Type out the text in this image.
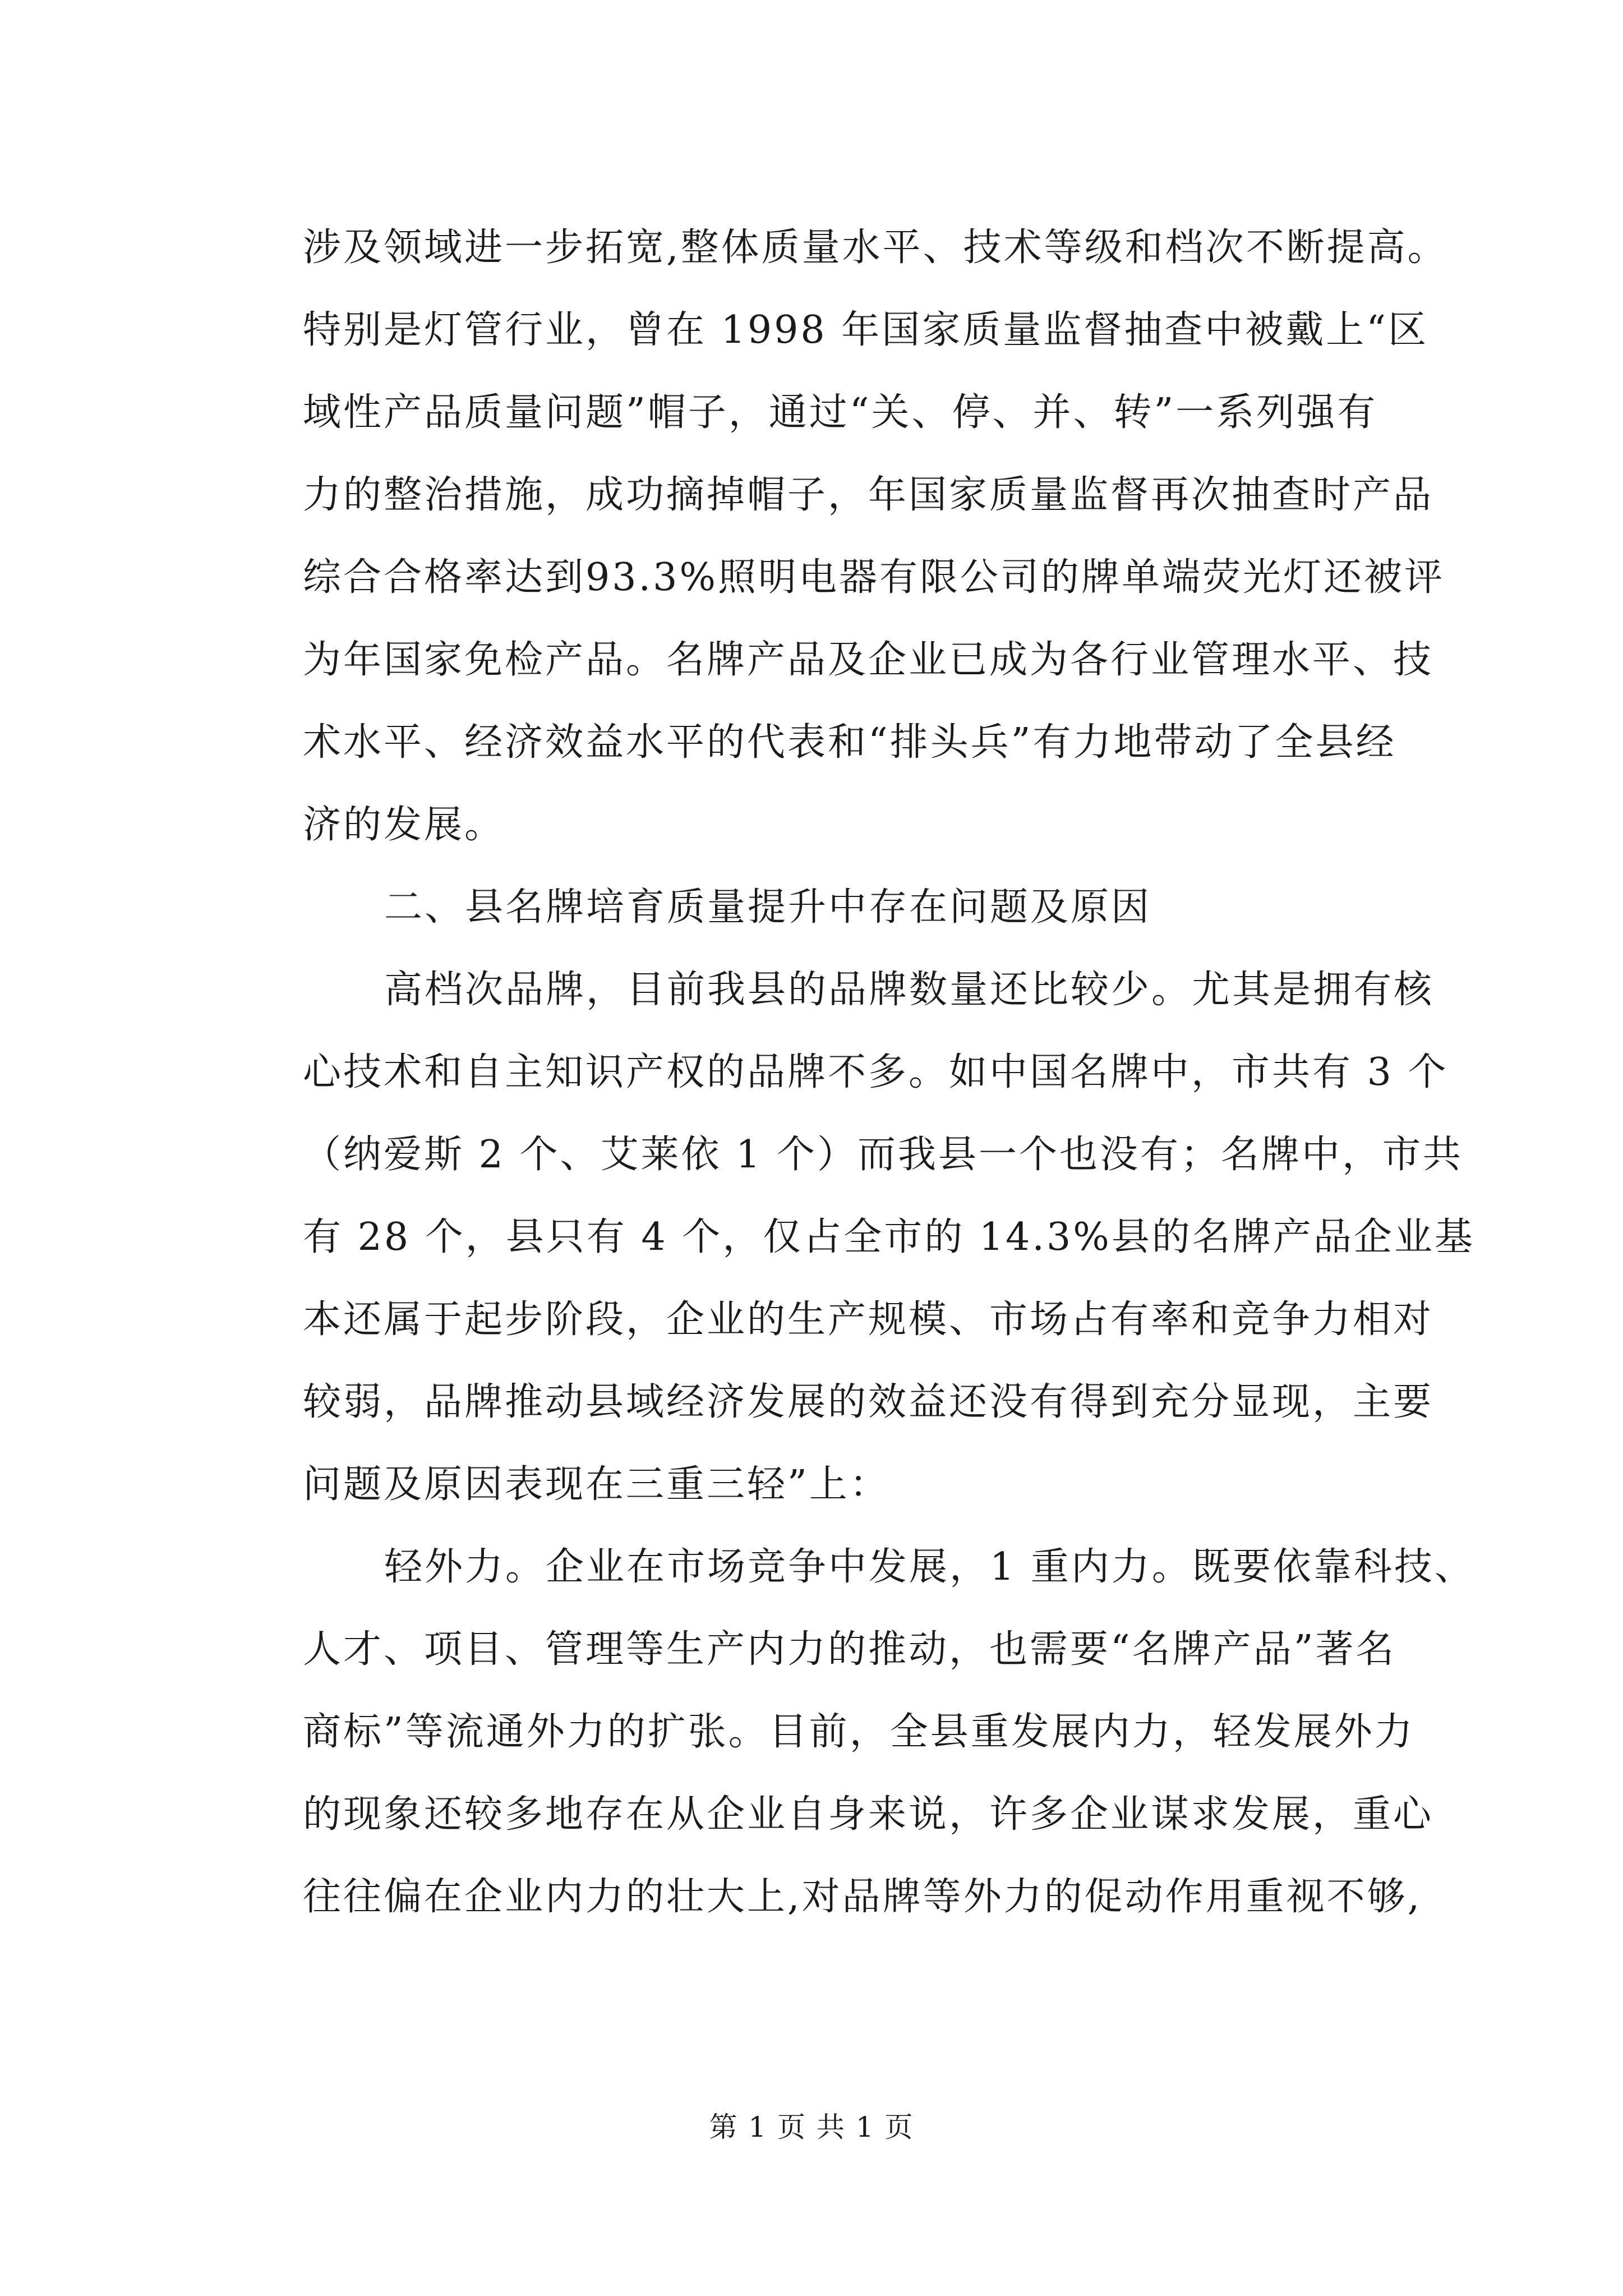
涉及领域进一步拓宽,整体质量水平、技术等级和档次不断提高。
特别是灯管行业，曾在 1998 年国家质量监督抽查中被戴上“区
域性产品质量问题”帽子，通过“关、停、并、转”一系列强有
力的整治措施，成功摘掉帽子，年国家质量监督再次抽查时产品
综合合格率达到93.3%照明电器有限公司的牌单端荧光灯还被评
为年国家免检产品。名牌产品及企业已成为各行业管理水平、技
术水平、经济效益水平的代表和“排头兵”有力地带动了全县经
济的发展。
二、县名牌培育质量提升中存在问题及原因
高档次品牌，目前我县的品牌数量还比较少。尤其是拥有核
心技术和自主知识产权的品牌不多。如中国名牌中，市共有 3 个
（纳爱斯 2 个、艾莱依 1 个）而我县一个也没有；名牌中，市共
有 28 个，县只有 4 个，仅占全市的 14.3%县的名牌产品企业基
本还属于起步阶段，企业的生产规模、市场占有率和竞争力相对
较弱，品牌推动县域经济发展的效益还没有得到充分显现，主要
问题及原因表现在三重三轻”上：
轻外力。企业在市场竞争中发展，1 重内力。既要依靠科技、
人才、项目、管理等生产内力的推动，也需要“名牌产品”著名
商标”等流通外力的扩张。目前，全县重发展内力，轻发展外力
的现象还较多地存在从企业自身来说，许多企业谋求发展，重心
往往偏在企业内力的壮大上,对品牌等外力的促动作用重视不够,
第 1 页 共 1 页
